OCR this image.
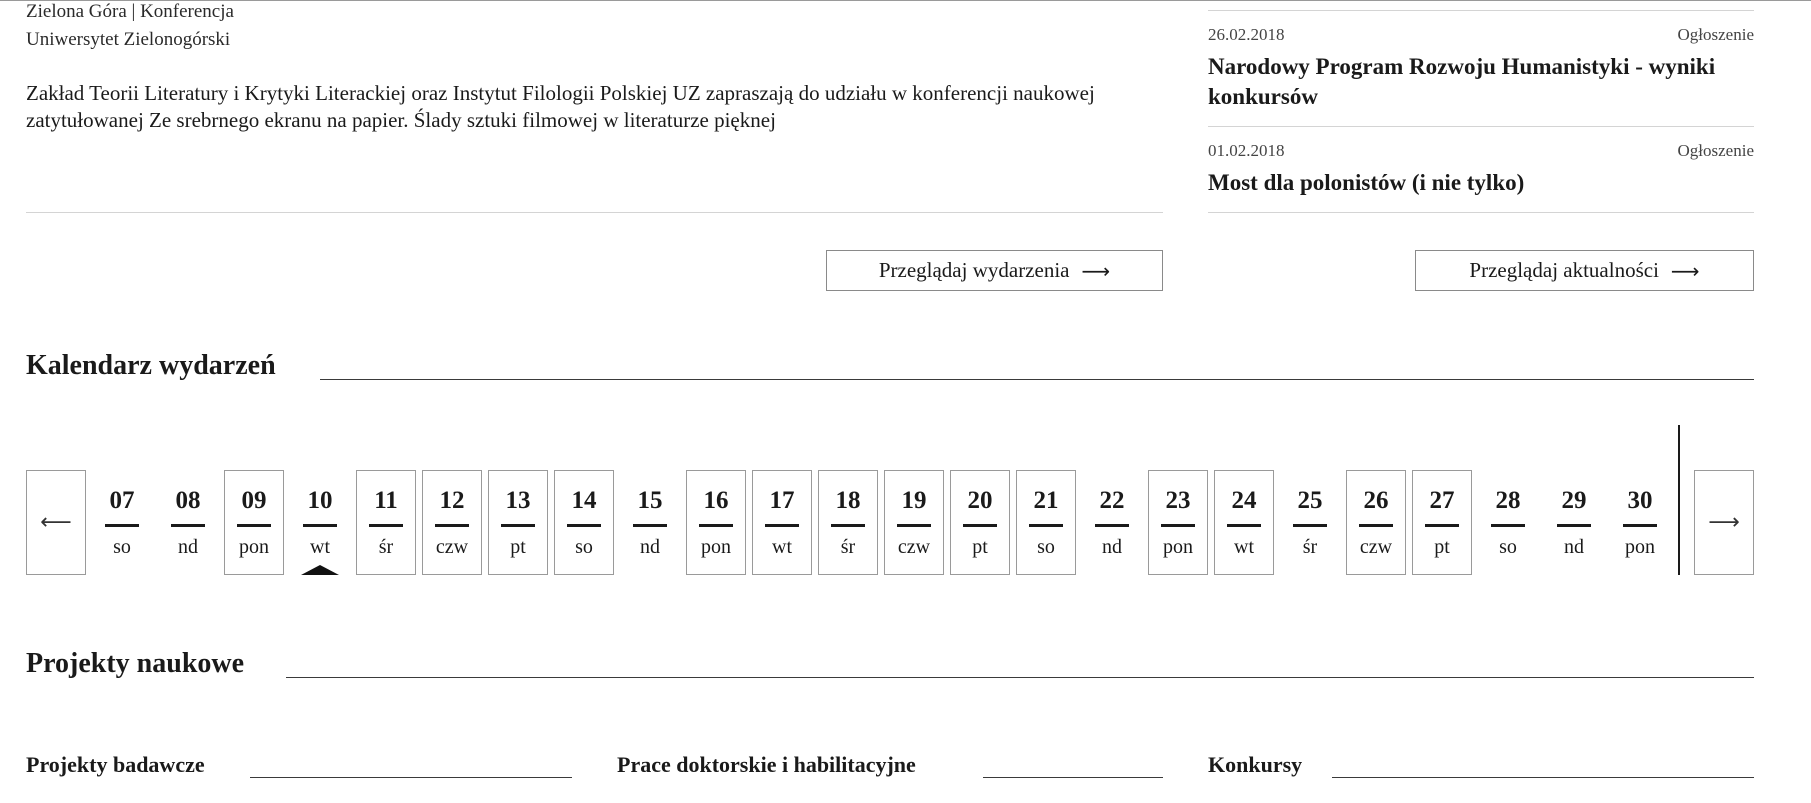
Zielona Góra | Konferencja
Uniwersytet Zielonogórski
Zakład Teorii Literatury i Krytyki Literackiej oraz Instytut Filologii Polskiej UZ zapraszają do udziału w konferencji naukowej zatytułowanej Ze srebrnego ekranu na papier. Ślady sztuki filmowej w literaturze pięknej
26.02.2018	Ogłoszenie
Narodowy Program Rozwoju Humanistyki - wyniki konkursów
01.02.2018	Ogłoszenie
Most dla polonistów (i nie tylko)
Przeglądaj wydarzenia ⟶	Przeglądaj aktualności ⟶
Kalendarz wydarzeń
⟵
07
so
08
nd
09
pon
10
wt
11
śr
12
czw
13
pt
14
so
15
nd
16
pon
17
wt
18
śr
19
czw
20
pt
21
so
22
nd
23
pon
24
wt
25
śr
26
czw
27
pt
28
so
29
nd
30
pon
⟶
Projekty naukowe
Projekty badawcze	Prace doktorskie i habilitacyjne	Konkursy
